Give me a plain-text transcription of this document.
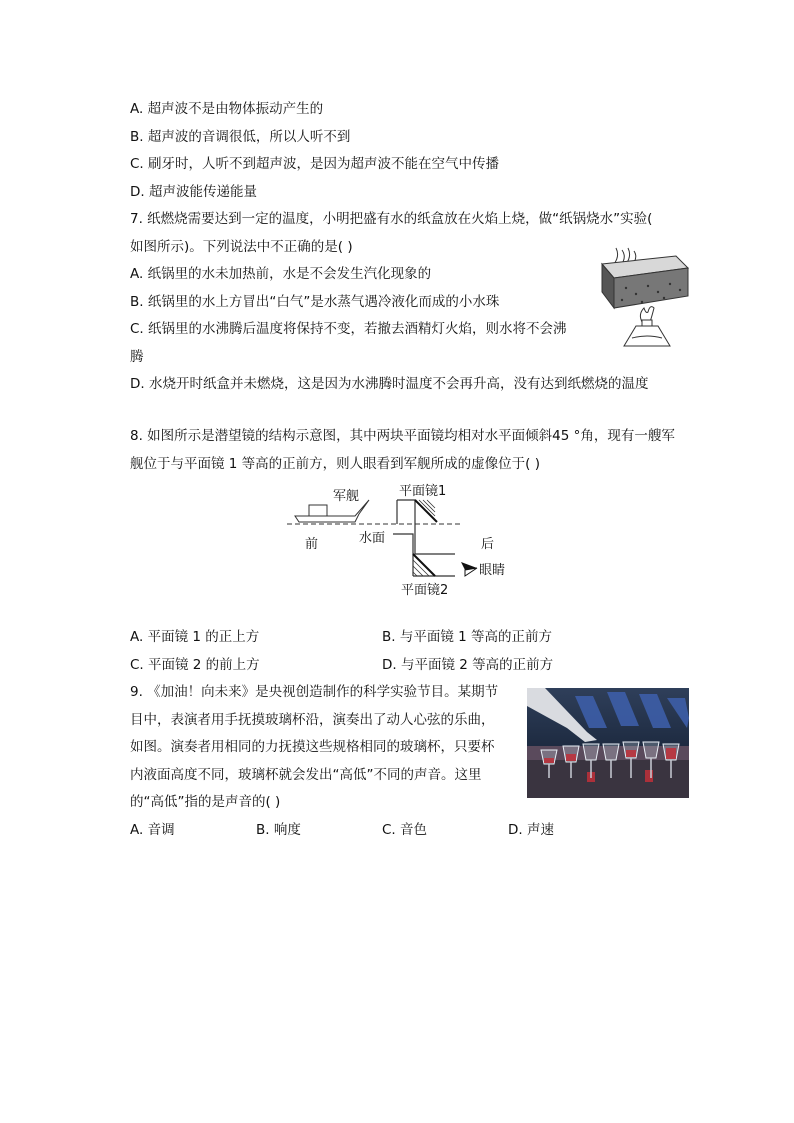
A. 超声波不是由物体振动产生的
B. 超声波的音调很低，所以人听不到
C. 刷牙时，人听不到超声波，是因为超声波不能在空气中传播
D. 超声波能传递能量
7. 纸燃烧需要达到一定的温度，小明把盛有水的纸盒放在火焰上烧，做“纸锅烧水”实验(
如图所示)。下列说法中不正确的是( )
A. 纸锅里的水未加热前，水是不会发生汽化现象的
B. 纸锅里的水上方冒出“白气”是水蒸气遇冷液化而成的小水珠
C. 纸锅里的水沸腾后温度将保持不变，若撤去酒精灯火焰，则水将不会沸
腾
D. 水烧开时纸盒并未燃烧，这是因为水沸腾时温度不会再升高，没有达到纸燃烧的温度
8. 如图所示是潜望镜的结构示意图，其中两块平面镜均相对水平面倾斜45 °角，现有一艘军
舰位于与平面镜 1 等高的正前方，则人眼看到军舰所成的虚像位于( )
平面镜1
军舰
前	水面	后
眼睛
平面镜2
A. 平面镜 1 的正上方	B. 与平面镜 1 等高的正前方
C. 平面镜 2 的前上方	D. 与平面镜 2 等高的正前方
9. 《加油！向未来》是央视创造制作的科学实验节目。某期节
目中，表演者用手抚摸玻璃杯沿，演奏出了动人心弦的乐曲，
如图。演奏者用相同的力抚摸这些规格相同的玻璃杯，只要杯
内液面高度不同，玻璃杯就会发出“高低”不同的声音。这里
的“高低”指的是声音的( )
A. 音调	B. 响度	C. 音色	D. 声速
